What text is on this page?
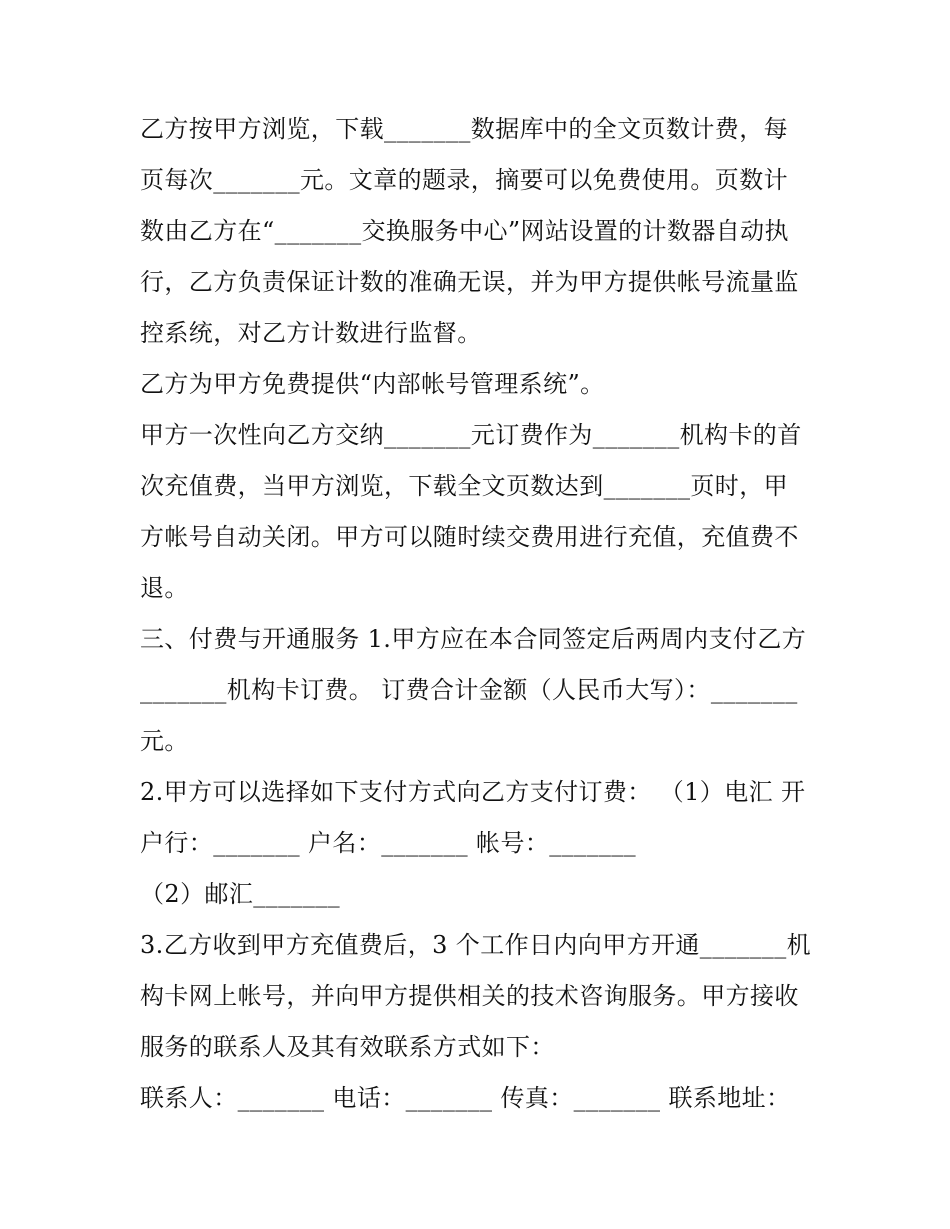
乙方按甲方浏览，下载_______数据库中的全文页数计费，每页每次_______元。文章的题录，摘要可以免费使用。页数计数由乙方在“_______交换服务中心”网站设置的计数器自动执行，乙方负责保证计数的准确无误，并为甲方提供帐号流量监控系统，对乙方计数进行监督。

乙方为甲方免费提供“内部帐号管理系统”。

甲方一次性向乙方交纳_______元订费作为_______机构卡的首次充值费，当甲方浏览，下载全文页数达到_______页时，甲方帐号自动关闭。甲方可以随时续交费用进行充值，充值费不退。

三、付费与开通服务 1.甲方应在本合同签定后两周内支付乙方_______机构卡订费。 订费合计金额（人民币大写）：_______元。

2.甲方可以选择如下支付方式向乙方支付订费： （1）电汇 开户行：_______ 户名：_______ 帐号：_______

（2）邮汇_______

3.乙方收到甲方充值费后，3 个工作日内向甲方开通_______机构卡网上帐号，并向甲方提供相关的技术咨询服务。甲方接收服务的联系人及其有效联系方式如下：

联系人：_______ 电话：_______ 传真：_______ 联系地址：
